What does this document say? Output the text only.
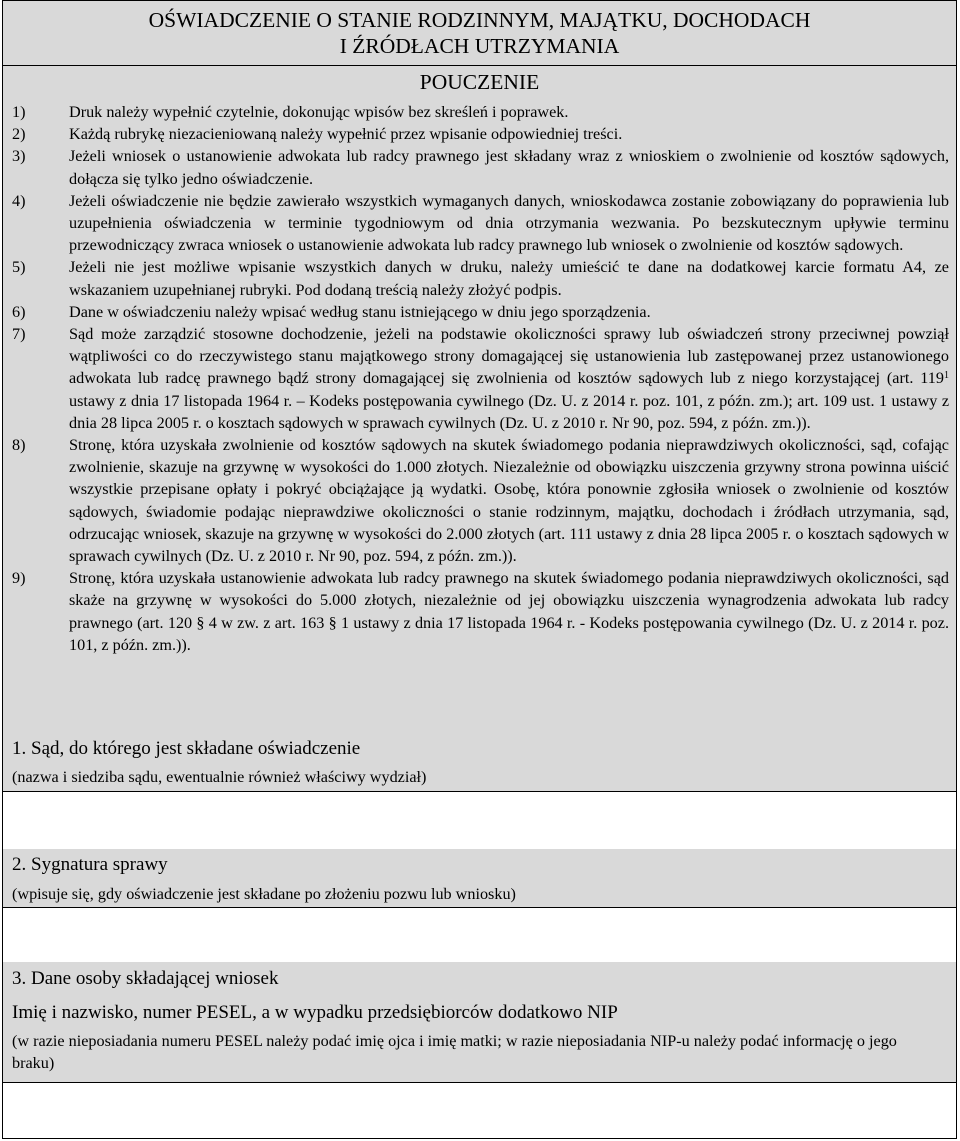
OŚWIADCZENIE O STANIE RODZINNYM, MAJĄTKU, DOCHODACH
I ŹRÓDŁACH UTRZYMANIA
POUCZENIE
1)	Druk należy wypełnić czytelnie, dokonując wpisów bez skreśleń i poprawek.
2)	Każdą rubrykę niezacieniowaną należy wypełnić przez wpisanie odpowiedniej treści.
3)	Jeżeli wniosek o ustanowienie adwokata lub radcy prawnego jest składany wraz z wnioskiem o zwolnienie od kosztów sądowych, dołącza się tylko jedno oświadczenie.
4)	Jeżeli oświadczenie nie będzie zawierało wszystkich wymaganych danych, wnioskodawca zostanie zobowiązany do poprawienia lub uzupełnienia oświadczenia w terminie tygodniowym od dnia otrzymania wezwania. Po bezskutecznym upływie terminu przewodniczący zwraca wniosek o ustanowienie adwokata lub radcy prawnego lub wniosek o zwolnienie od kosztów sądowych.
5)	Jeżeli nie jest możliwe wpisanie wszystkich danych w druku, należy umieścić te dane na dodatkowej karcie formatu A4, ze wskazaniem uzupełnianej rubryki. Pod dodaną treścią należy złożyć podpis.
6)	Dane w oświadczeniu należy wpisać według stanu istniejącego w dniu jego sporządzenia.
7)	Sąd może zarządzić stosowne dochodzenie, jeżeli na podstawie okoliczności sprawy lub oświadczeń strony przeciwnej powziął wątpliwości co do rzeczywistego stanu majątkowego strony domagającej się ustanowienia lub zastępowanej przez ustanowionego adwokata lub radcę prawnego bądź strony domagającej się zwolnienia od kosztów sądowych lub z niego korzystającej (art. $119^1$ ustawy z dnia 17 listopada 1964 r. – Kodeks postępowania cywilnego (Dz. U. z 2014 r. poz. 101, z późn. zm.); art. 109 ust. 1 ustawy z dnia 28 lipca 2005 r. o kosztach sądowych w sprawach cywilnych (Dz. U. z 2010 r. Nr 90, poz. 594, z późn. zm.)).
8)	Stronę, która uzyskała zwolnienie od kosztów sądowych na skutek świadomego podania nieprawdziwych okoliczności, sąd, cofając zwolnienie, skazuje na grzywnę w wysokości do 1.000 złotych. Niezależnie od obowiązku uiszczenia grzywny strona powinna uiścić wszystkie przepisane opłaty i pokryć obciążające ją wydatki. Osobę, która ponownie zgłosiła wniosek o zwolnienie od kosztów sądowych, świadomie podając nieprawdziwe okoliczności o stanie rodzinnym, majątku, dochodach i źródłach utrzymania, sąd, odrzucając wniosek, skazuje na grzywnę w wysokości do 2.000 złotych (art. 111 ustawy z dnia 28 lipca 2005 r. o kosztach sądowych w sprawach cywilnych (Dz. U. z 2010 r. Nr 90, poz. 594, z późn. zm.)).
9)	Stronę, która uzyskała ustanowienie adwokata lub radcy prawnego na skutek świadomego podania nieprawdziwych okoliczności, sąd skaże na grzywnę w wysokości do 5.000 złotych, niezależnie od jej obowiązku uiszczenia wynagrodzenia adwokata lub radcy prawnego (art. 120 § 4 w zw. z art. 163 § 1 ustawy z dnia 17 listopada 1964 r. - Kodeks postępowania cywilnego (Dz. U. z 2014 r. poz. 101, z późn. zm.)).
1. Sąd, do którego jest składane oświadczenie
(nazwa i siedziba sądu, ewentualnie również właściwy wydział)
2. Sygnatura sprawy
(wpisuje się, gdy oświadczenie jest składane po złożeniu pozwu lub wniosku)
3. Dane osoby składającej wniosek
Imię i nazwisko, numer PESEL, a w wypadku przedsiębiorców dodatkowo NIP
(w razie nieposiadania numeru PESEL należy podać imię ojca i imię matki; w razie nieposiadania NIP-u należy podać informację o jego braku)
